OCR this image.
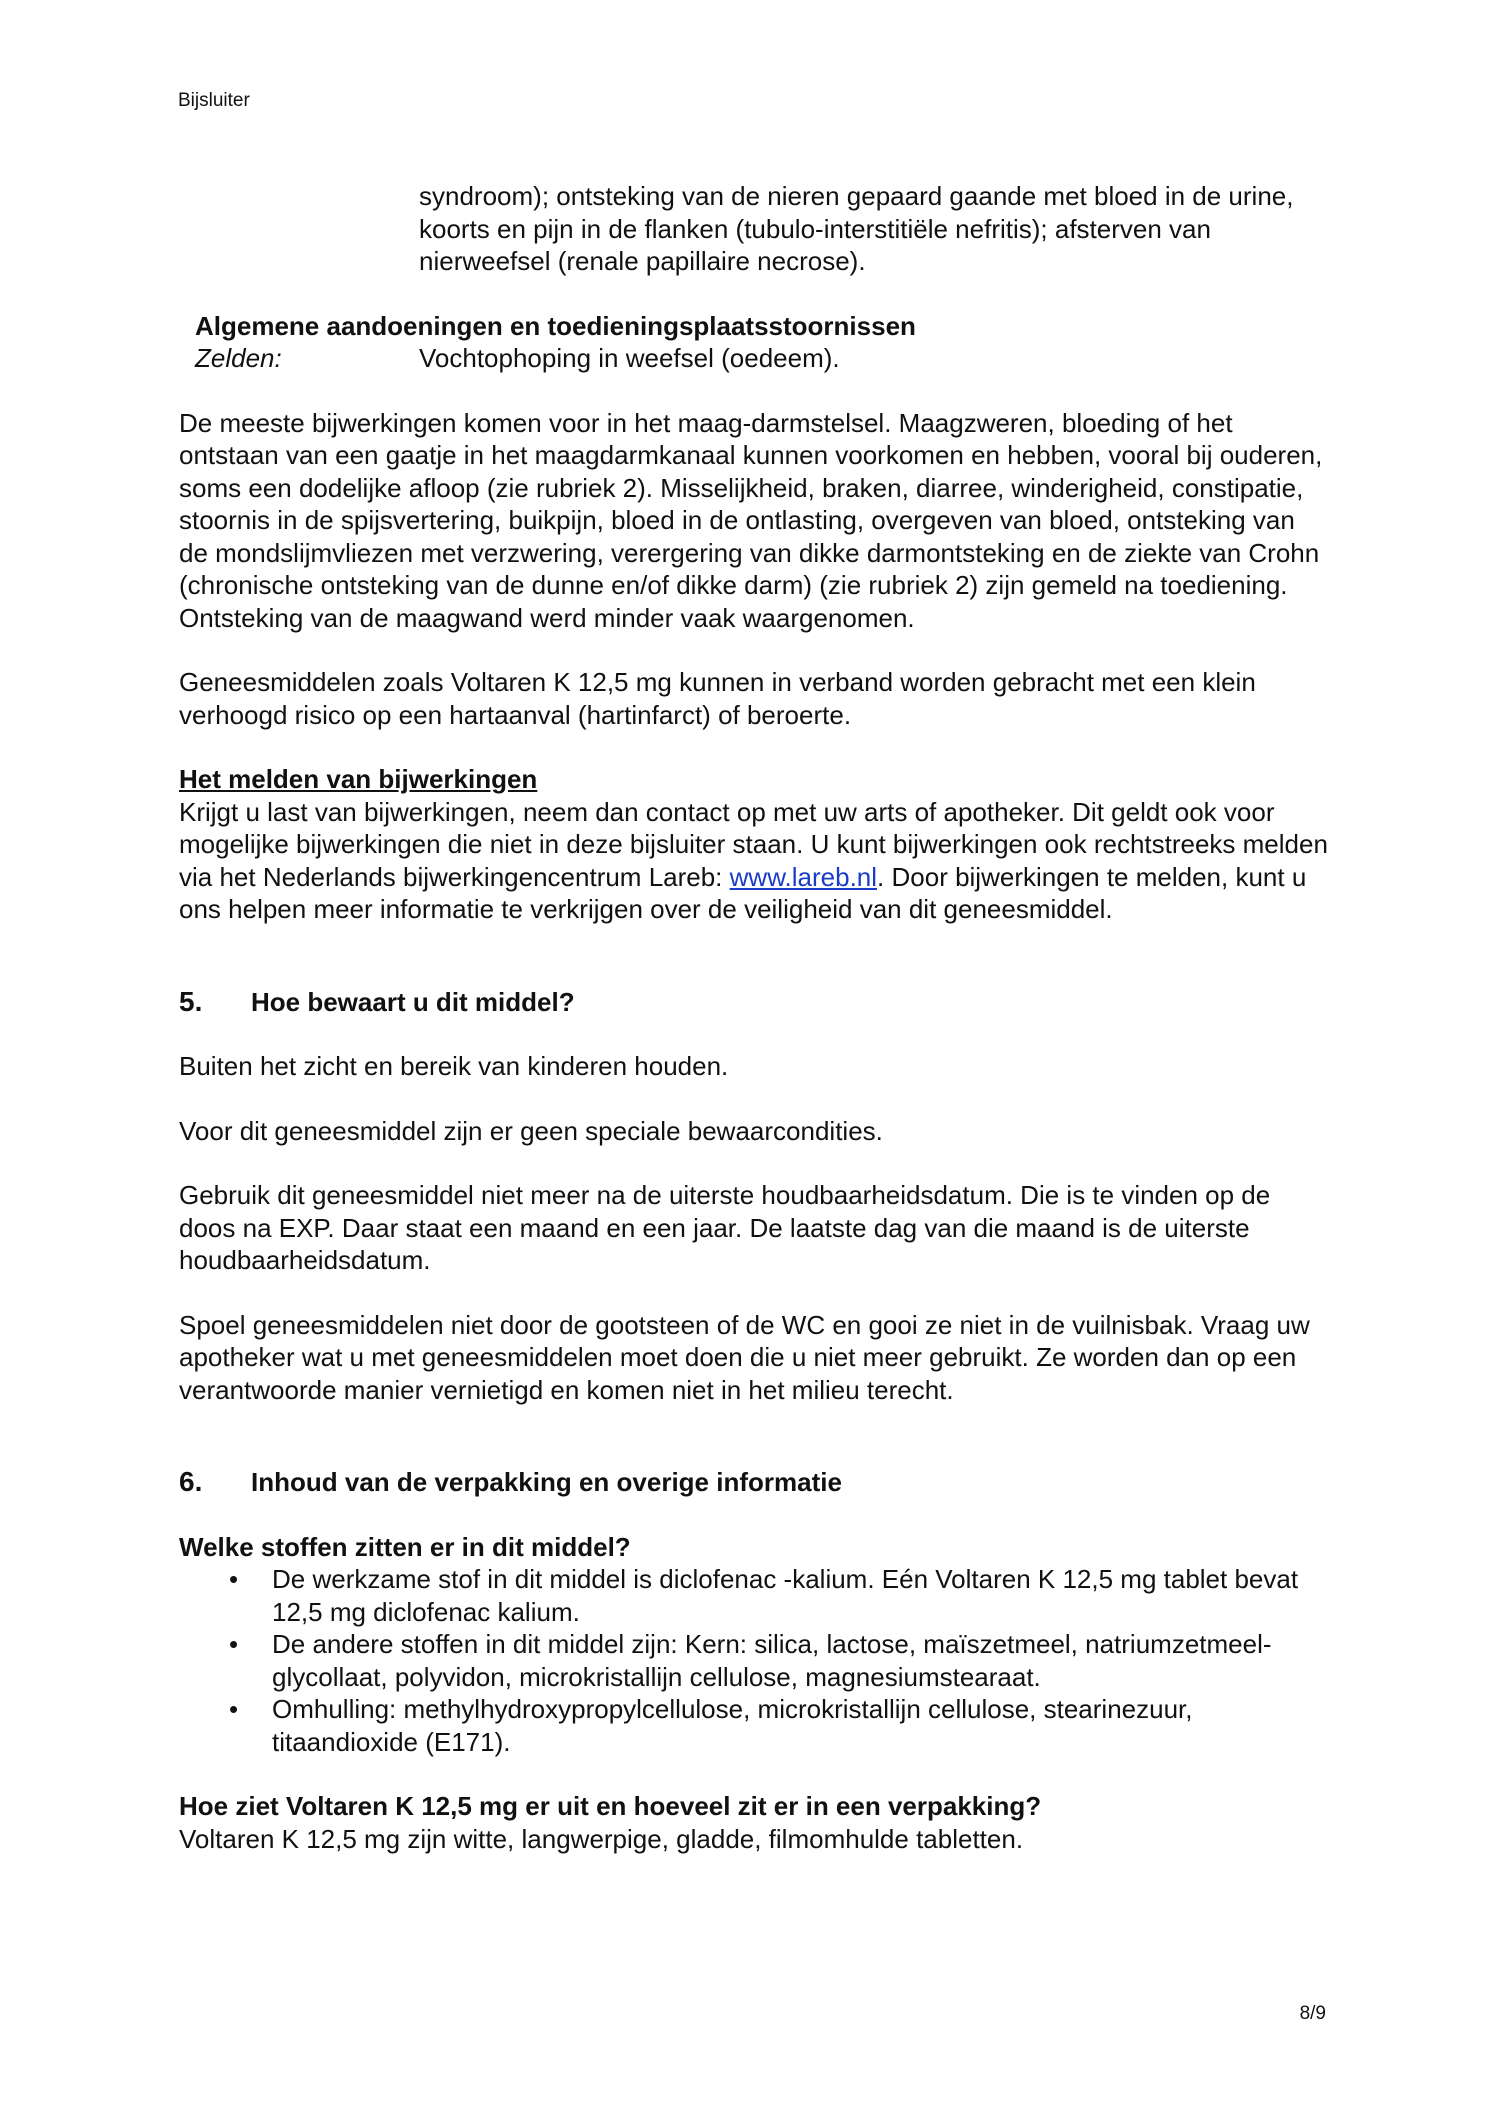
Bijsluiter

syndroom); ontsteking van de nieren gepaard gaande met bloed in de urine, koorts en pijn in de flanken (tubulo-interstitiële nefritis); afsterven van nierweefsel (renale papillaire necrose).

Algemene aandoeningen en toedieningsplaatsstoornissen

Zelden:	Vochtophoping in weefsel (oedeem).

De meeste bijwerkingen komen voor in het maag-darmstelsel. Maagzweren, bloeding of het ontstaan van een gaatje in het maagdarmkanaal kunnen voorkomen en hebben, vooral bij ouderen, soms een dodelijke afloop (zie rubriek 2). Misselijkheid, braken, diarree, winderigheid, constipatie, stoornis in de spijsvertering, buikpijn, bloed in de ontlasting, overgeven van bloed, ontsteking van de mondslijmvliezen met verzwering, verergering van dikke darmontsteking en de ziekte van Crohn (chronische ontsteking van de dunne en/of dikke darm) (zie rubriek 2) zijn gemeld na toediening. Ontsteking van de maagwand werd minder vaak waargenomen.

Geneesmiddelen zoals Voltaren K 12,5 mg kunnen in verband worden gebracht met een klein verhoogd risico op een hartaanval (hartinfarct) of beroerte.

Het melden van bijwerkingen

Krijgt u last van bijwerkingen, neem dan contact op met uw arts of apotheker. Dit geldt ook voor mogelijke bijwerkingen die niet in deze bijsluiter staan. U kunt bijwerkingen ook rechtstreeks melden via het Nederlands bijwerkingencentrum Lareb: www.lareb.nl. Door bijwerkingen te melden, kunt u ons helpen meer informatie te verkrijgen over de veiligheid van dit geneesmiddel.

5.	Hoe bewaart u dit middel?

Buiten het zicht en bereik van kinderen houden.

Voor dit geneesmiddel zijn er geen speciale bewaarcondities.

Gebruik dit geneesmiddel niet meer na de uiterste houdbaarheidsdatum. Die is te vinden op de doos na EXP. Daar staat een maand en een jaar. De laatste dag van die maand is de uiterste houdbaarheidsdatum.

Spoel geneesmiddelen niet door de gootsteen of de WC en gooi ze niet in de vuilnisbak. Vraag uw apotheker wat u met geneesmiddelen moet doen die u niet meer gebruikt. Ze worden dan op een verantwoorde manier vernietigd en komen niet in het milieu terecht.

6.	Inhoud van de verpakking en overige informatie

Welke stoffen zitten er in dit middel?

• De werkzame stof in dit middel is diclofenac -kalium. Eén Voltaren K 12,5 mg tablet bevat 12,5 mg diclofenac kalium.
• De andere stoffen in dit middel zijn: Kern: silica, lactose, maïszetmeel, natriumzetmeel-glycollaat, polyvidon, microkristallijn cellulose, magnesiumstearaat.
• Omhulling: methylhydroxypropylcellulose, microkristallijn cellulose, stearinezuur, titaandioxide (E171).

Hoe ziet Voltaren K 12,5 mg er uit en hoeveel zit er in een verpakking?

Voltaren K 12,5 mg zijn witte, langwerpige, gladde, filmomhulde tabletten.

8/9
